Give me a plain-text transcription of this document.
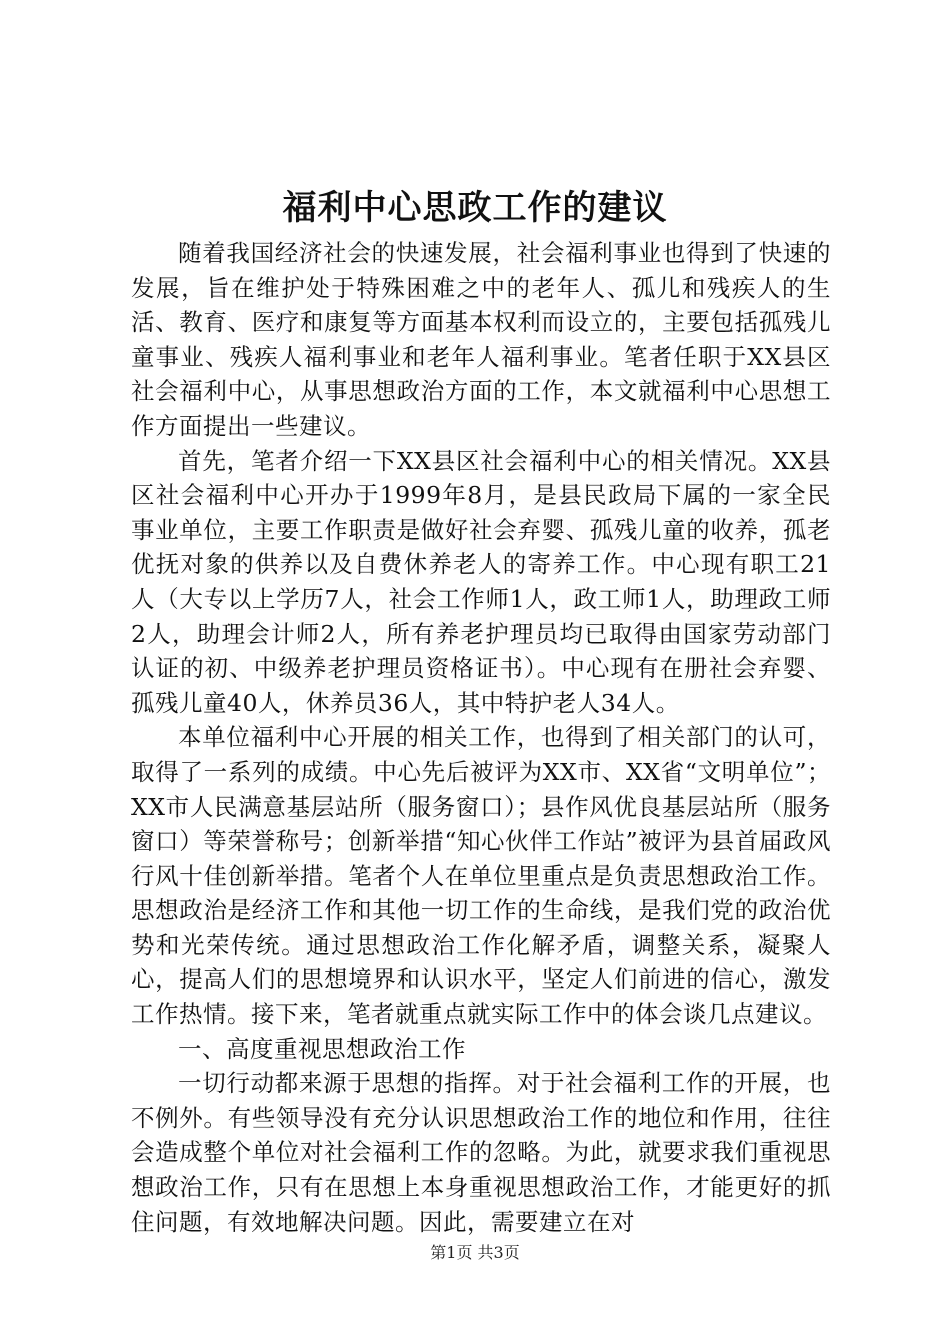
福利中心思政工作的建议

随着我国经济社会的快速发展，社会福利事业也得到了快速的发展，旨在维护处于特殊困难之中的老年人、孤儿和残疾人的生活、教育、医疗和康复等方面基本权利而设立的，主要包括孤残儿童事业、残疾人福利事业和老年人福利事业。笔者任职于XX县区社会福利中心，从事思想政治方面的工作，本文就福利中心思想工作方面提出一些建议。

首先，笔者介绍一下XX县区社会福利中心的相关情况。XX县区社会福利中心开办于1999年8月，是县民政局下属的一家全民事业单位，主要工作职责是做好社会弃婴、孤残儿童的收养，孤老优抚对象的供养以及自费休养老人的寄养工作。中心现有职工21人（大专以上学历7人，社会工作师1人，政工师1人，助理政工师2人，助理会计师2人，所有养老护理员均已取得由国家劳动部门认证的初、中级养老护理员资格证书）。中心现有在册社会弃婴、孤残儿童40人，休养员36人，其中特护老人34人。

本单位福利中心开展的相关工作，也得到了相关部门的认可，取得了一系列的成绩。中心先后被评为XX市、XX省“文明单位”；XX市人民满意基层站所（服务窗口）；县作风优良基层站所（服务窗口）等荣誉称号；创新举措“知心伙伴工作站”被评为县首届政风行风十佳创新举措。笔者个人在单位里重点是负责思想政治工作。思想政治是经济工作和其他一切工作的生命线，是我们党的政治优势和光荣传统。通过思想政治工作化解矛盾，调整关系，凝聚人心，提高人们的思想境界和认识水平，坚定人们前进的信心，激发工作热情。接下来，笔者就重点就实际工作中的体会谈几点建议。

一、高度重视思想政治工作

一切行动都来源于思想的指挥。对于社会福利工作的开展，也不例外。有些领导没有充分认识思想政治工作的地位和作用，往往会造成整个单位对社会福利工作的忽略。为此，就要求我们重视思想政治工作，只有在思想上本身重视思想政治工作，才能更好的抓住问题，有效地解决问题。因此，需要建立在对

第1页 共3页
